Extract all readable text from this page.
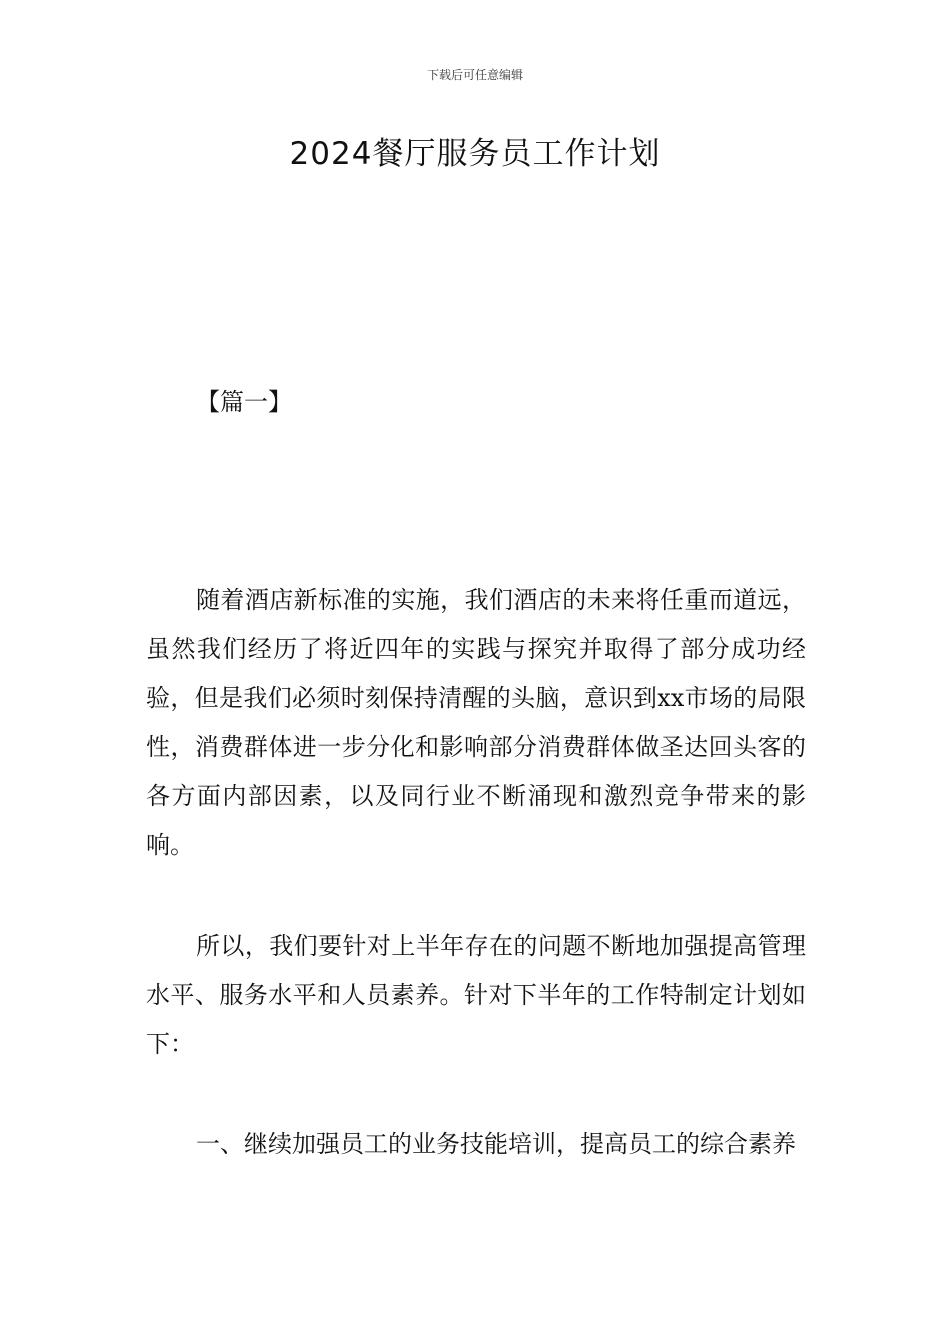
下载后可任意编辑
2024餐厅服务员工作计划
【篇一】

随着酒店新标准的实施，我们酒店的未来将任重而道远，虽然我们经历了将近四年的实践与探究并取得了部分成功经验，但是我们必须时刻保持清醒的头脑，意识到xx市场的局限性，消费群体进一步分化和影响部分消费群体做圣达回头客的各方面内部因素，以及同行业不断涌现和激烈竞争带来的影响。

所以，我们要针对上半年存在的问题不断地加强提高管理水平、服务水平和人员素养。针对下半年的工作特制定计划如下：

一、继续加强员工的业务技能培训，提高员工的综合素养
